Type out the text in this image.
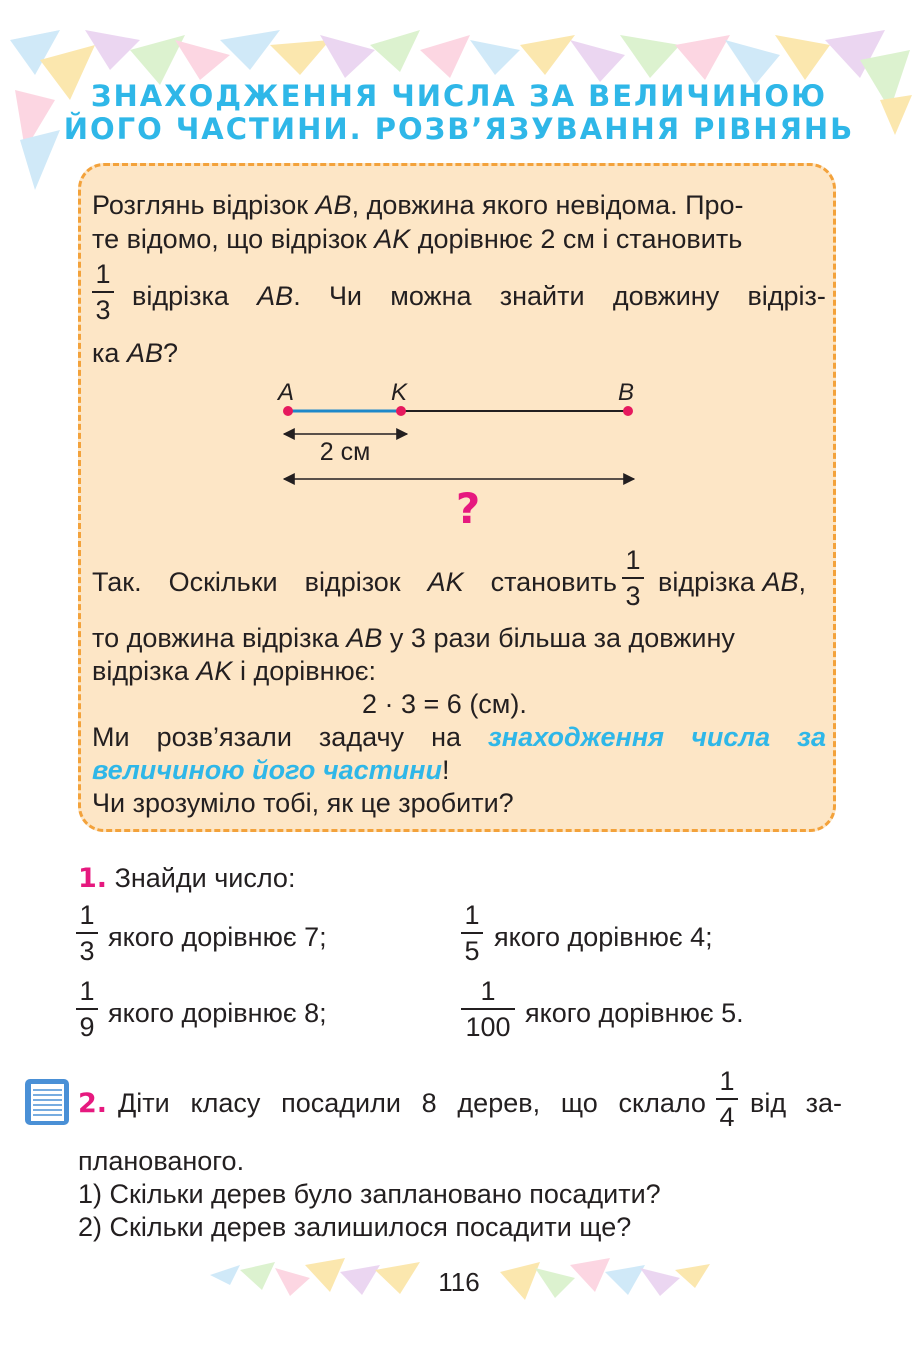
ЗНАХОДЖЕННЯ ЧИСЛА ЗА ВЕЛИЧИНОЮ
ЙОГО ЧАСТИНИ. РОЗВ’ЯЗУВАННЯ РІВНЯНЬ
Розглянь відрізок AB, довжина якого невідома. Про-
те відомо, що відрізок AK дорівнює 2 см і становить
1
3 відрізка AB. Чи можна знайти довжину відріз-
ка AB?
A	K	B
2 см
?
Так. Оскільки відрізок AK становить
1
3 відрізка AB,
то довжина відрізка AB у 3 рази більша за довжину
відрізка AK і дорівнює:
2 · 3 = 6 (см).
Ми розв’язали задачу на знаходження числа за
величиною його частини!
Чи зрозуміло тобі, як це зробити?
1. Знайди число:
1
3 якого дорівнює 7;
1
5 якого дорівнює 4;
1
9 якого дорівнює 8;
1
100 якого дорівнює 5.
2. Діти класу посадили 8 дерев, що склало
1
4 від за-
планованого.
1) Скільки дерев було заплановано посадити?
2) Скільки дерев залишилося посадити ще?
116
